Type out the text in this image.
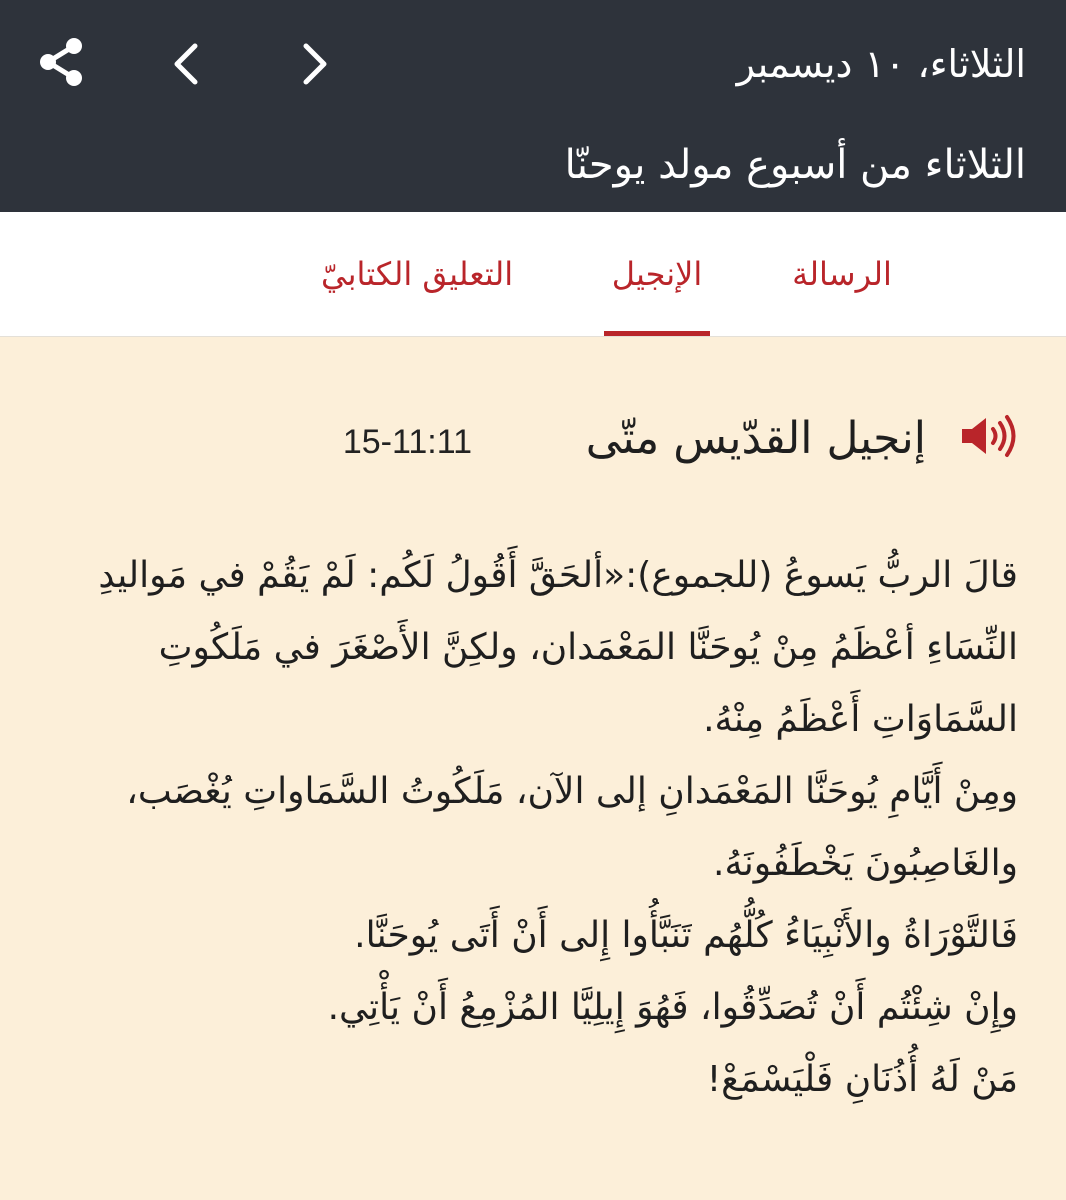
الثلاثاء، ١٠ ديسمبر
الثلاثاء من أسبوع مولد يوحنّا
الرسالة
الإنجيل
التعليق الكتابيّ
إنجيل القدّيس متّى
15-11:11
قالَ الربُّ يَسوعُ (للجموع):«ألحَقَّ أَقُولُ لَكُم: لَمْ يَقُمْ في مَواليدِ النِّسَاءِ أعْظَمُ مِنْ يُوحَنَّا المَعْمَدان، ولكِنَّ الأَصْغَرَ في مَلَكُوتِ السَّمَاوَاتِ أَعْظَمُ مِنْهُ.
ومِنْ أَيَّامِ يُوحَنَّا المَعْمَدانِ إلى الآن، مَلَكُوتُ السَّمَاواتِ يُغْصَب، والغَاصِبُونَ يَخْطَفُونَهُ.
فَالتَّوْرَاةُ والأَنْبِيَاءُ كُلُّهُم تَنَبَّأُوا إِلى أَنْ أَتَى يُوحَنَّا.
وإِنْ شِئْتُم أَنْ تُصَدِّقُوا، فَهُوَ إِيلِيَّا المُزْمِعُ أَنْ يَأْتِي.
مَنْ لَهُ أُذُنَانِ فَلْيَسْمَعْ!
